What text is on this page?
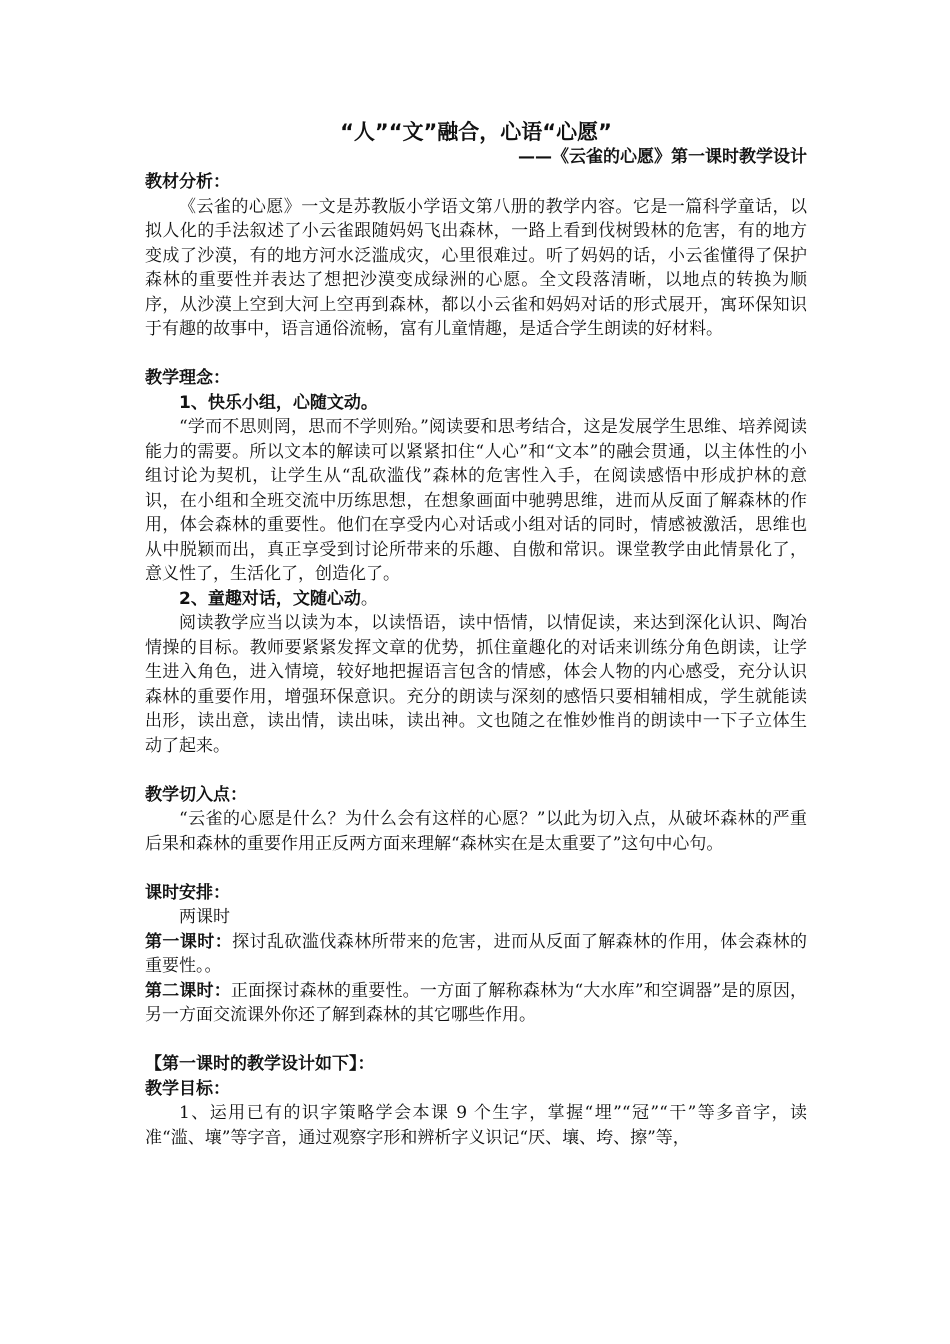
“人”“文”融合，心语“心愿”
——《云雀的心愿》第一课时教学设计
教材分析：

《云雀的心愿》一文是苏教版小学语文第八册的教学内容。它是一篇科学童话，以拟人化的手法叙述了小云雀跟随妈妈飞出森林，一路上看到伐树毁林的危害，有的地方变成了沙漠，有的地方河水泛滥成灾，心里很难过。听了妈妈的话，小云雀懂得了保护森林的重要性并表达了想把沙漠变成绿洲的心愿。全文段落清晰，以地点的转换为顺序，从沙漠上空到大河上空再到森林，都以小云雀和妈妈对话的形式展开，寓环保知识于有趣的故事中，语言通俗流畅，富有儿童情趣，是适合学生朗读的好材料。

教学理念：
1、快乐小组，心随文动。

“学而不思则罔，思而不学则殆。”阅读要和思考结合，这是发展学生思维、培养阅读能力的需要。所以文本的解读可以紧紧扣住“人心”和“文本”的融会贯通，以主体性的小组讨论为契机，让学生从“乱砍滥伐”森林的危害性入手，在阅读感悟中形成护林的意识，在小组和全班交流中历练思想，在想象画面中驰骋思维，进而从反面了解森林的作用，体会森林的重要性。他们在享受内心对话或小组对话的同时，情感被激活，思维也从中脱颖而出，真正享受到讨论所带来的乐趣、自傲和常识。课堂教学由此情景化了，意义性了，生活化了，创造化了。

2、童趣对话，文随心动。

阅读教学应当以读为本，以读悟语，读中悟情，以情促读，来达到深化认识、陶冶情操的目标。教师要紧紧发挥文章的优势，抓住童趣化的对话来训练分角色朗读，让学生进入角色，进入情境，较好地把握语言包含的情感，体会人物的内心感受，充分认识森林的重要作用，增强环保意识。充分的朗读与深刻的感悟只要相辅相成，学生就能读出形，读出意，读出情，读出味，读出神。文也随之在惟妙惟肖的朗读中一下子立体生动了起来。

教学切入点：

“云雀的心愿是什么？为什么会有这样的心愿？”以此为切入点，从破坏森林的严重后果和森林的重要作用正反两方面来理解“森林实在是太重要了”这句中心句。

课时安排：

两课时

第一课时：探讨乱砍滥伐森林所带来的危害，进而从反面了解森林的作用，体会森林的重要性。。

第二课时：正面探讨森林的重要性。一方面了解称森林为“大水库”和空调器”是的原因，另一方面交流课外你还了解到森林的其它哪些作用。

【第一课时的教学设计如下】：
教学目标：

1、运用已有的识字策略学会本课 9 个生字，掌握“埋”“冠”“干”等多音字，读准“滥、壤”等字音，通过观察字形和辨析字义识记“厌、壤、垮、擦”等，
